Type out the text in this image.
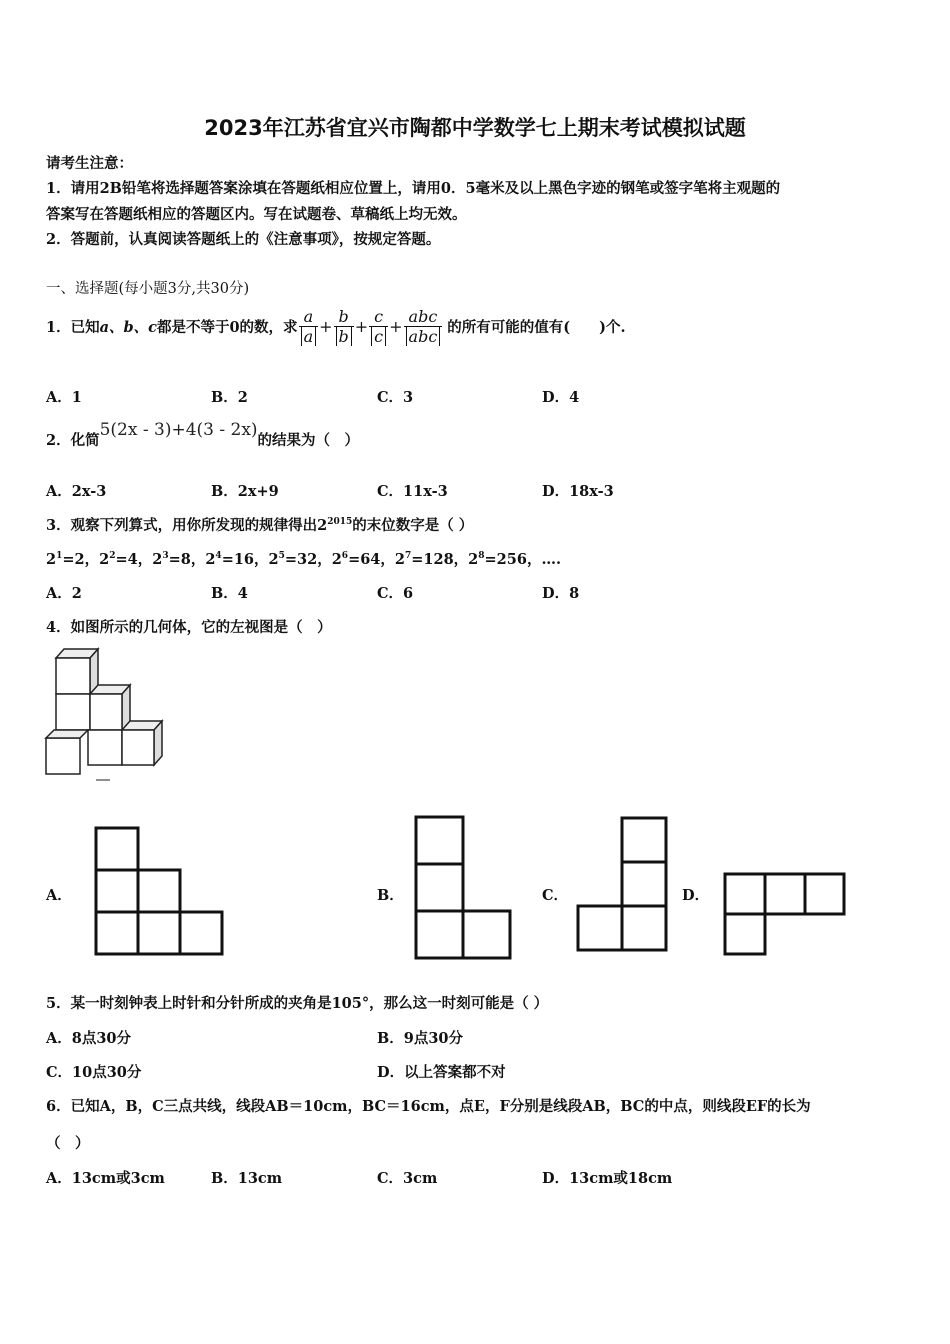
2023年江苏省宜兴市陶都中学数学七上期末考试模拟试题
请考生注意：
1．请用2B铅笔将选择题答案涂填在答题纸相应位置上，请用0．5毫米及以上黑色字迹的钢笔或签字笔将主观题的
答案写在答题纸相应的答题区内。写在试题卷、草稿纸上均无效。
2．答题前，认真阅读答题纸上的《注意事项》，按规定答题。
一、选择题(每小题3分,共30分)
1．已知 a、b、c 都是不等于0的数，求 $\frac{a}{a} + \frac{b}{b} + \frac{c}{c} + \frac{\text{abc}}{\text{abc}}$ 的所有可能的值有(　　)个.
A．1	B．2	C．3	D．4
2．化简 5(2x - 3)+4(3 - 2x) 的结果为（　）
A．2x-3	B．2x+9	C．11x-3	D．18x-3
3．观察下列算式，用你所发现的规律得出$2^{2015}$的末位数字是（ ）
$2^1=2$，$2^2=4$，$2^3=8$，$2^4=16$，$2^5=32$，$2^6=64$，$2^7=128$，$2^8=256$，….
A．2	B．4	C．6	D．8
4．如图所示的几何体，它的左视图是（　）
A．	B．	C．	D．
5．某一时刻钟表上时针和分针所成的夹角是105°，那么这一时刻可能是（ ）
A．8点30分	B．9点30分
C．10点30分	D．以上答案都不对
6．已知A，B，C三点共线，线段AB＝10cm，BC＝16cm，点E，F分别是线段AB，BC的中点，则线段EF的长为
（　）
A．13cm或3cm	B．13cm	C．3cm	D．13cm或18cm
